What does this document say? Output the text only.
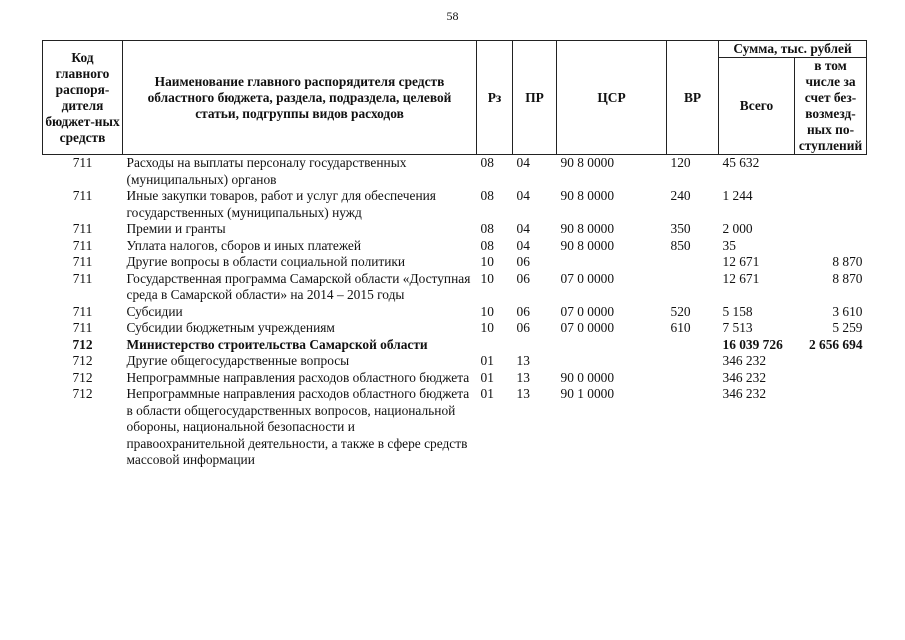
58
Код главного распоря-дителя бюджет-ных средств	Наименование главного распорядителя средств областного бюджета, раздела, подраздела, целевой статьи, подгруппы видов расходов	Рз	ПР	ЦСР	ВР	Сумма, тыс. рублей	
						Всего	в том числе за счет без-возмезд-ных по-ступлений
711	Расходы на выплаты персоналу государственных (муниципальных) органов	08	04	90 8 0000	120	45 632	
711	Иные закупки товаров, работ и услуг для обеспечения государственных (муниципальных) нужд	08	04	90 8 0000	240	1 244	
711	Премии и гранты	08	04	90 8 0000	350	2 000	
711	Уплата налогов, сборов и иных платежей	08	04	90 8 0000	850	35	
711	Другие вопросы в области социальной политики	10	06			12 671	8 870
711	Государственная программа Самарской области «Доступная среда в Самарской области» на 2014 – 2015 годы	10	06	07 0 0000		12 671	8 870
711	Субсидии	10	06	07 0 0000	520	5 158	3 610
711	Субсидии бюджетным учреждениям	10	06	07 0 0000	610	7 513	5 259
712	Министерство строительства Самарской области					16 039 726	2 656 694
712	Другие общегосударственные вопросы	01	13			346 232	
712	Непрограммные направления расходов областного бюджета	01	13	90 0 0000		346 232	
712	Непрограммные направления расходов областного бюджета в области общегосударственных вопросов, национальной обороны, национальной безопасности и правоохранительной деятельности, а также в сфере средств массовой информации	01	13	90 1 0000		346 232	
